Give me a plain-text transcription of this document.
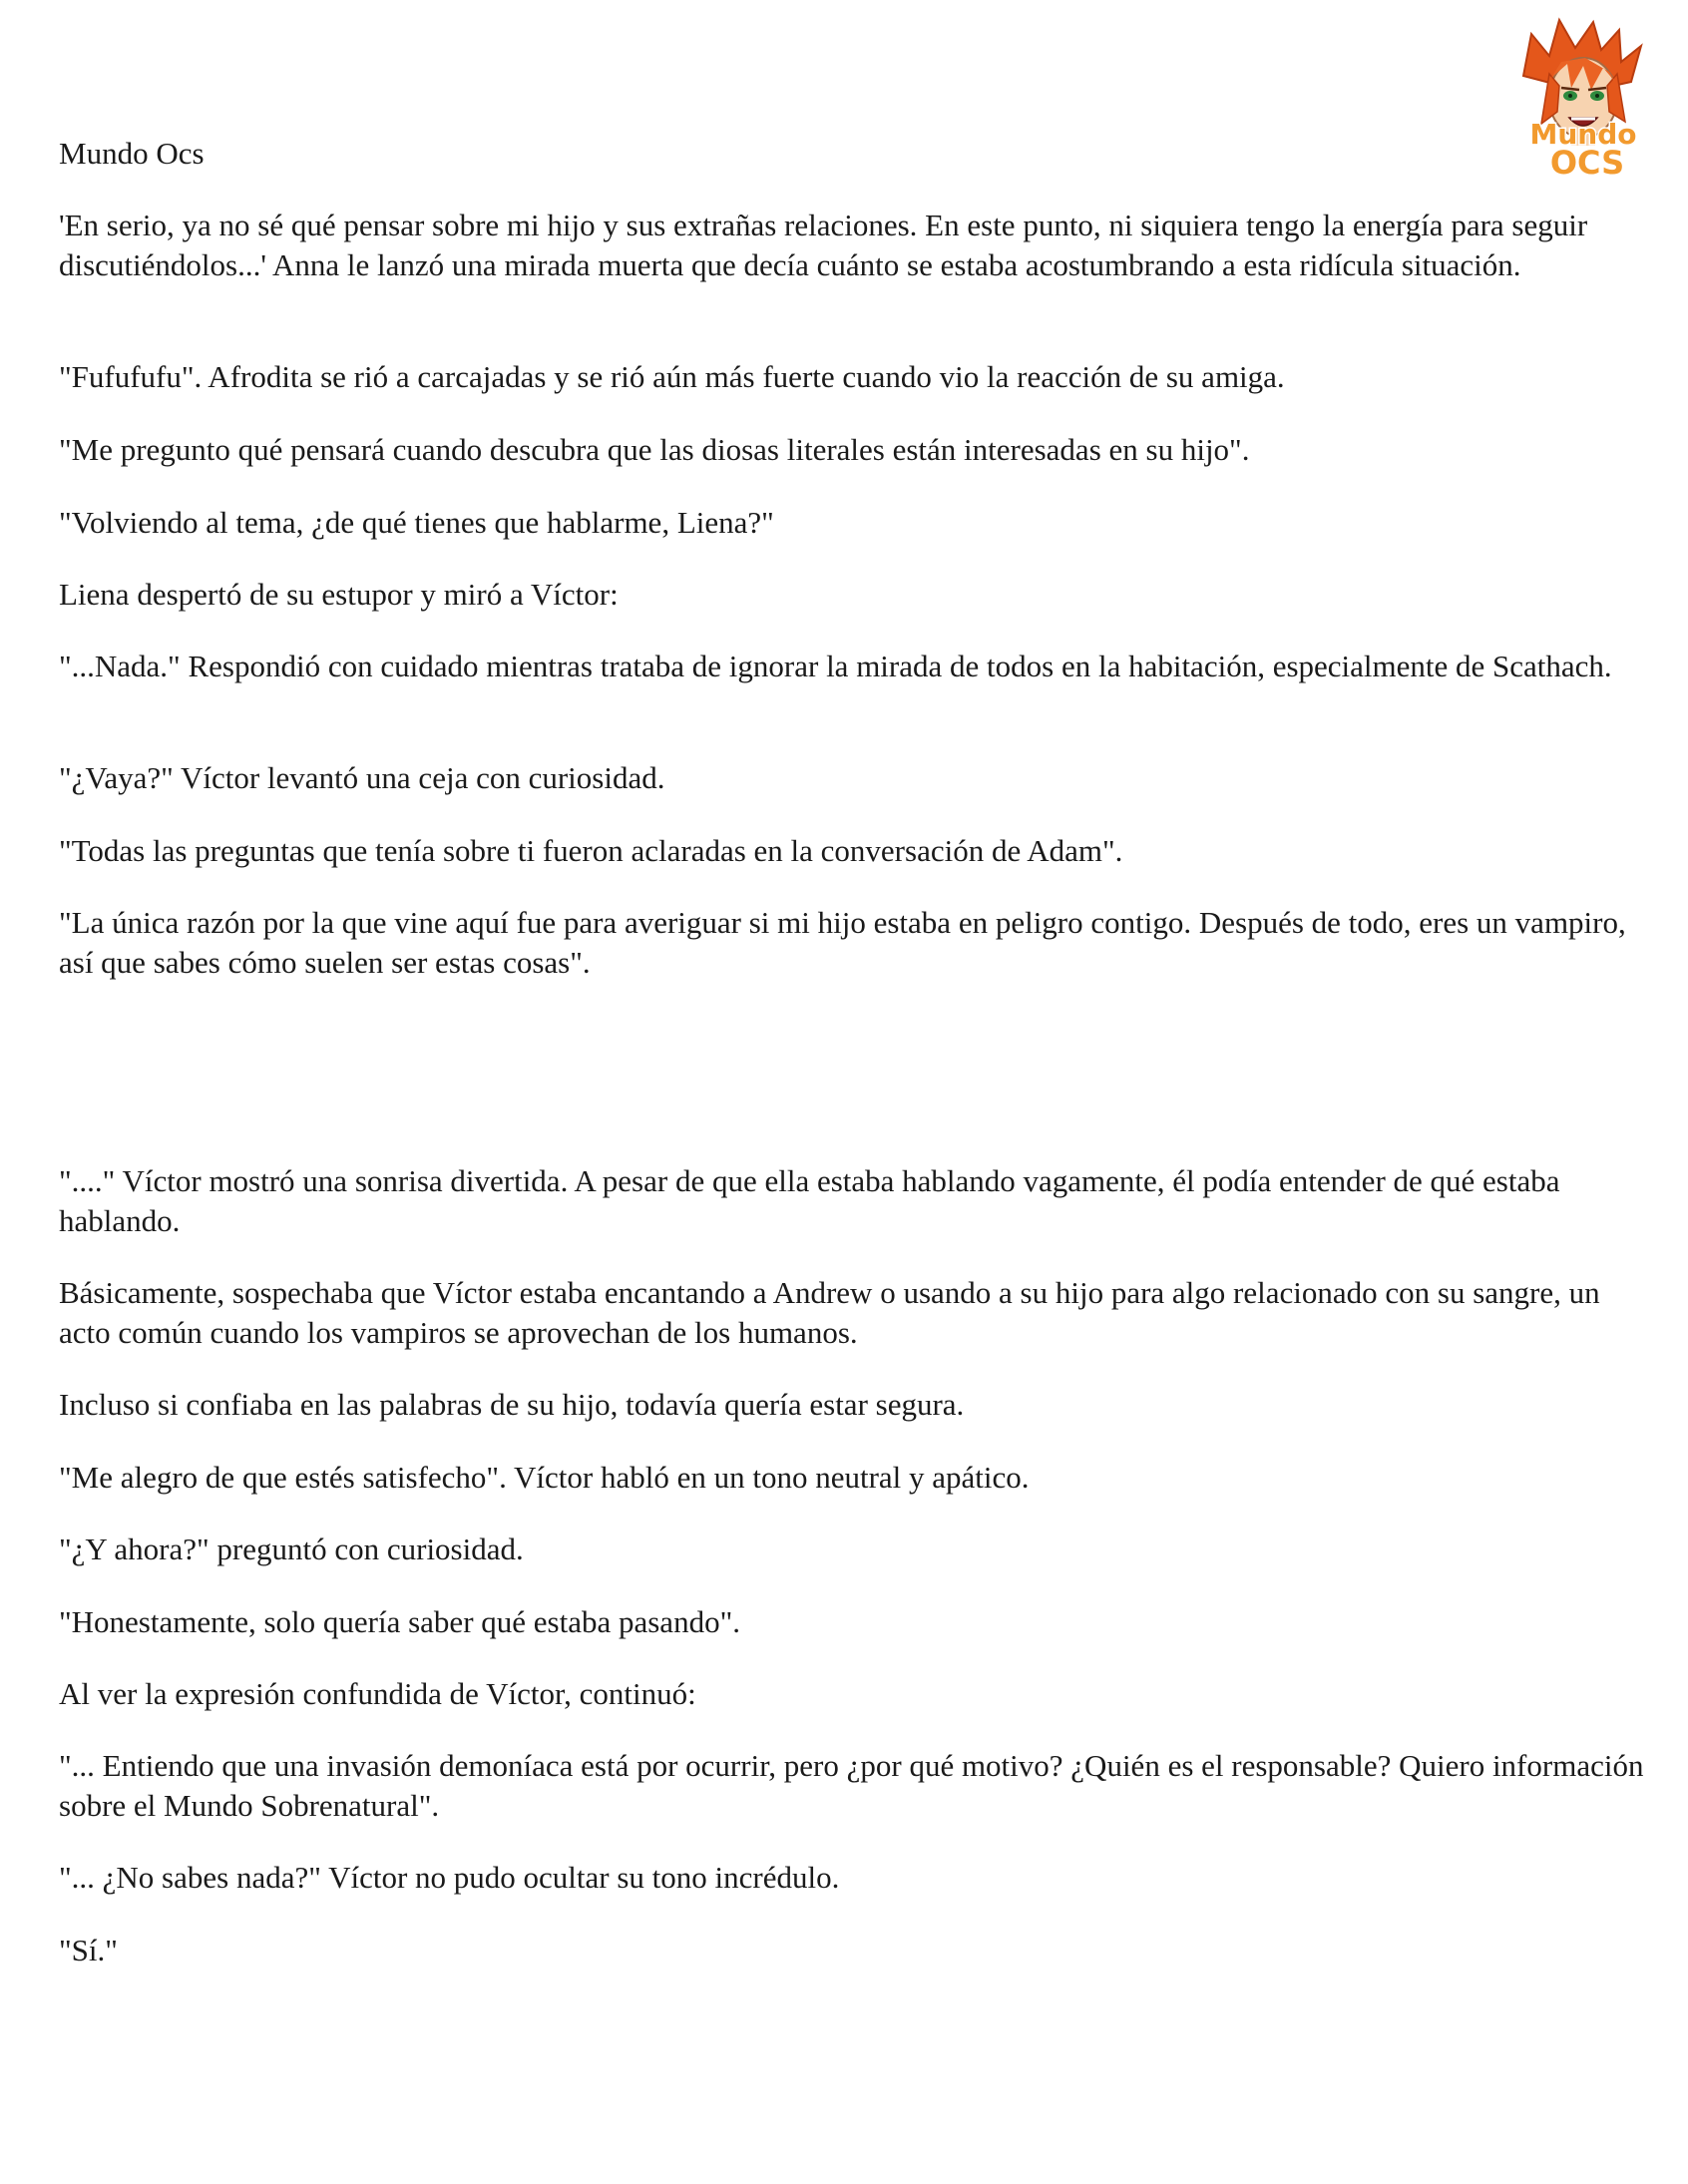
Mundo
OCS

Mundo Ocs

'En serio, ya no sé qué pensar sobre mi hijo y sus extrañas relaciones. En este punto, ni siquiera tengo la energía para seguir discutiéndolos...' Anna le lanzó una mirada muerta que decía cuánto se estaba acostumbrando a esta ridícula situación.

"Fufufufu". Afrodita se rió a carcajadas y se rió aún más fuerte cuando vio la reacción de su amiga.

"Me pregunto qué pensará cuando descubra que las diosas literales están interesadas en su hijo".

"Volviendo al tema, ¿de qué tienes que hablarme, Liena?"

Liena despertó de su estupor y miró a Víctor:

"...Nada." Respondió con cuidado mientras trataba de ignorar la mirada de todos en la habitación, especialmente de Scathach.

"¿Vaya?" Víctor levantó una ceja con curiosidad.

"Todas las preguntas que tenía sobre ti fueron aclaradas en la conversación de Adam".

"La única razón por la que vine aquí fue para averiguar si mi hijo estaba en peligro contigo. Después de todo, eres un vampiro, así que sabes cómo suelen ser estas cosas".

"...." Víctor mostró una sonrisa divertida. A pesar de que ella estaba hablando vagamente, él podía entender de qué estaba hablando.

Básicamente, sospechaba que Víctor estaba encantando a Andrew o usando a su hijo para algo relacionado con su sangre, un acto común cuando los vampiros se aprovechan de los humanos.

Incluso si confiaba en las palabras de su hijo, todavía quería estar segura.

"Me alegro de que estés satisfecho". Víctor habló en un tono neutral y apático.

"¿Y ahora?" preguntó con curiosidad.

"Honestamente, solo quería saber qué estaba pasando".

Al ver la expresión confundida de Víctor, continuó:

"... Entiendo que una invasión demoníaca está por ocurrir, pero ¿por qué motivo? ¿Quién es el responsable? Quiero información sobre el Mundo Sobrenatural".

"... ¿No sabes nada?" Víctor no pudo ocultar su tono incrédulo.

"Sí."
